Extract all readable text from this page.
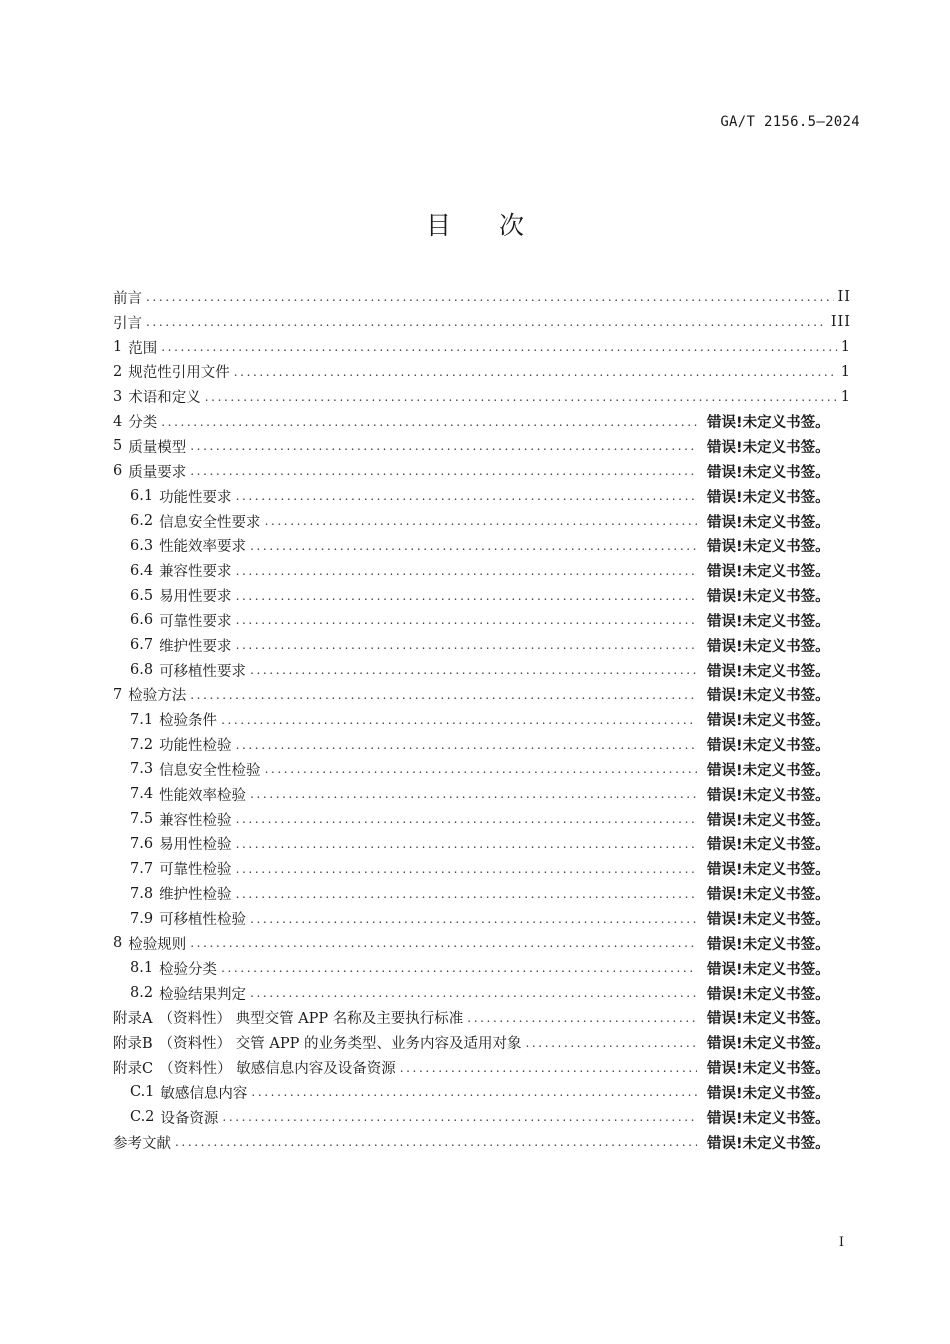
GA/T 2156.5—2024
目 次
前言 .....	II
引言 .....	III
1 范围 .....	1
2 规范性引用文件 .....	1
3 术语和定义 .....	1
4 分类 .....	错误!未定义书签。
5 质量模型 .....	错误!未定义书签。
6 质量要求 .....	错误!未定义书签。
6.1 功能性要求 .....	错误!未定义书签。
6.2 信息安全性要求 .....	错误!未定义书签。
6.3 性能效率要求 .....	错误!未定义书签。
6.4 兼容性要求 .....	错误!未定义书签。
6.5 易用性要求 .....	错误!未定义书签。
6.6 可靠性要求 .....	错误!未定义书签。
6.7 维护性要求 .....	错误!未定义书签。
6.8 可移植性要求 .....	错误!未定义书签。
7 检验方法 .....	错误!未定义书签。
7.1 检验条件 .....	错误!未定义书签。
7.2 功能性检验 .....	错误!未定义书签。
7.3 信息安全性检验 .....	错误!未定义书签。
7.4 性能效率检验 .....	错误!未定义书签。
7.5 兼容性检验 .....	错误!未定义书签。
7.6 易用性检验 .....	错误!未定义书签。
7.7 可靠性检验 .....	错误!未定义书签。
7.8 维护性检验 .....	错误!未定义书签。
7.9 可移植性检验 .....	错误!未定义书签。
8 检验规则 .....	错误!未定义书签。
8.1 检验分类 .....	错误!未定义书签。
8.2 检验结果判定 .....	错误!未定义书签。
附录A （资料性） 典型交管 APP 名称及主要执行标准 .....	错误!未定义书签。
附录B （资料性） 交管 APP 的业务类型、业务内容及适用对象 .....	错误!未定义书签。
附录C （资料性） 敏感信息内容及设备资源 .....	错误!未定义书签。
C.1 敏感信息内容 .....	错误!未定义书签。
C.2 设备资源 .....	错误!未定义书签。
参考文献 .....	错误!未定义书签。
I
